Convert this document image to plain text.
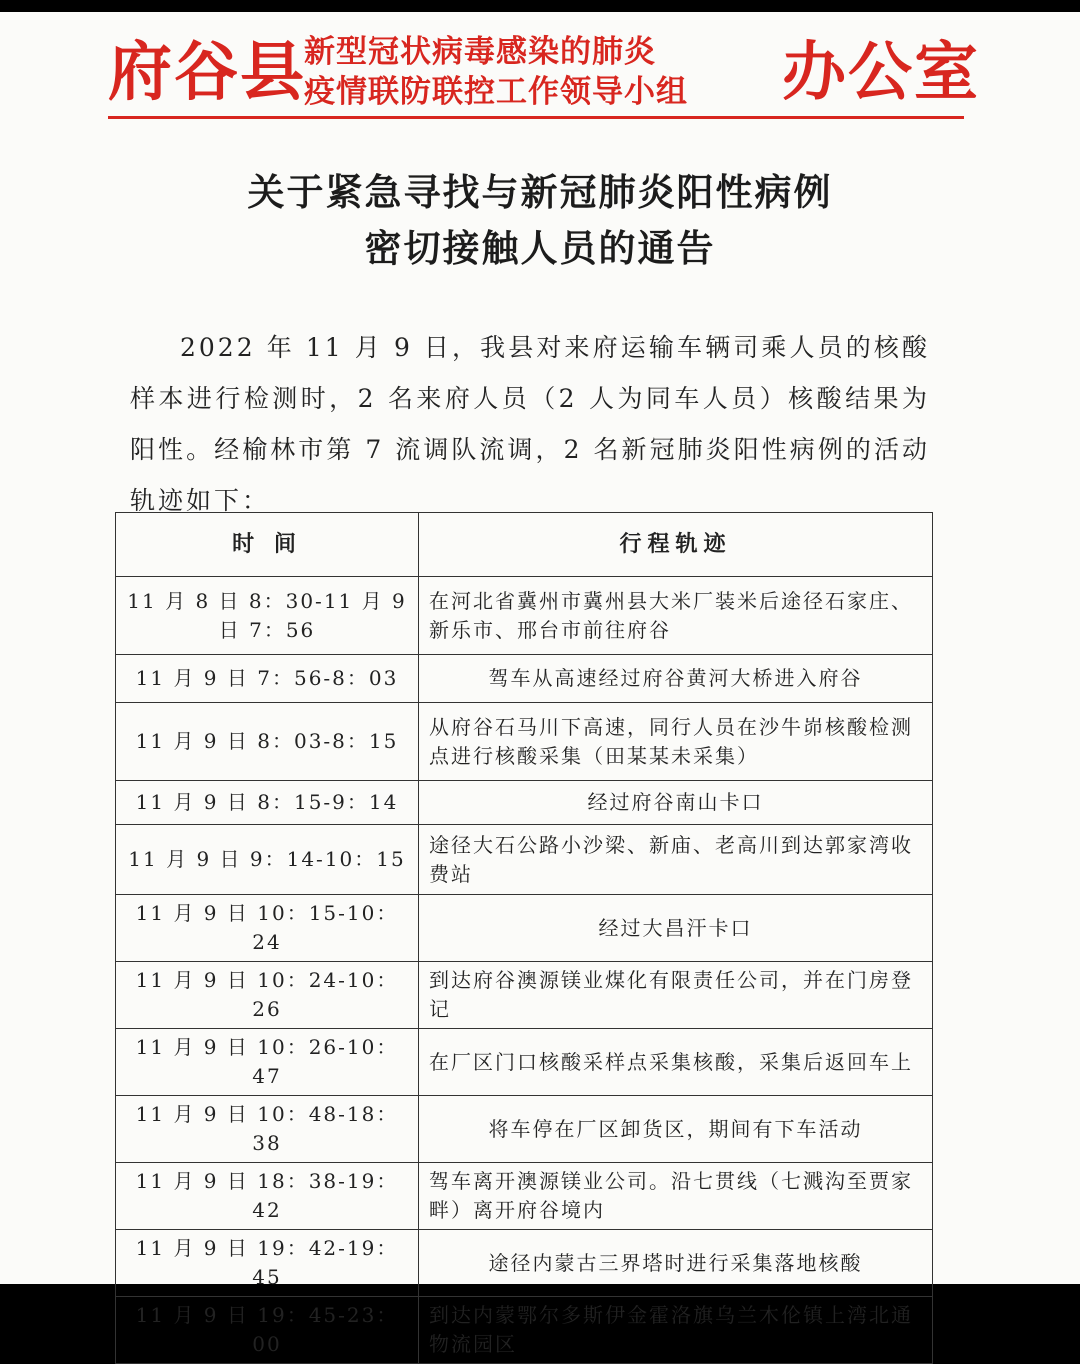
府谷县
新型冠状病毒感染的肺炎
疫情联防联控工作领导小组	办公室
关于紧急寻找与新冠肺炎阳性病例
密切接触人员的通告
2022 年 11 月 9 日，我县对来府运输车辆司乘人员的核酸样本进行检测时，2 名来府人员（2 人为同车人员）核酸结果为阳性。经榆林市第 7 流调队流调，2 名新冠肺炎阳性病例的活动轨迹如下：
时 间	行程轨迹
11 月 8 日 8：30-11 月 9 日 7：56	在河北省冀州市冀州县大米厂装米后途径石家庄、新乐市、邢台市前往府谷
11 月 9 日 7：56-8：03	驾车从高速经过府谷黄河大桥进入府谷
11 月 9 日 8：03-8：15	从府谷石马川下高速，同行人员在沙牛峁核酸检测点进行核酸采集（田某某未采集）
11 月 9 日 8：15-9：14	经过府谷南山卡口
11 月 9 日 9：14-10：15	途径大石公路小沙梁、新庙、老高川到达郭家湾收费站
11 月 9 日 10：15-10：24	经过大昌汗卡口
11 月 9 日 10：24-10：26	到达府谷澳源镁业煤化有限责任公司，并在门房登记
11 月 9 日 10：26-10：47	在厂区门口核酸采样点采集核酸，采集后返回车上
11 月 9 日 10：48-18：38	将车停在厂区卸货区，期间有下车活动
11 月 9 日 18：38-19：42	驾车离开澳源镁业公司。沿七贯线（七溅沟至贾家畔）离开府谷境内
11 月 9 日 19：42-19：45	途径内蒙古三界塔时进行采集落地核酸
11 月 9 日 19：45-23：00	到达内蒙鄂尔多斯伊金霍洛旗乌兰木伦镇上湾北通物流园区
